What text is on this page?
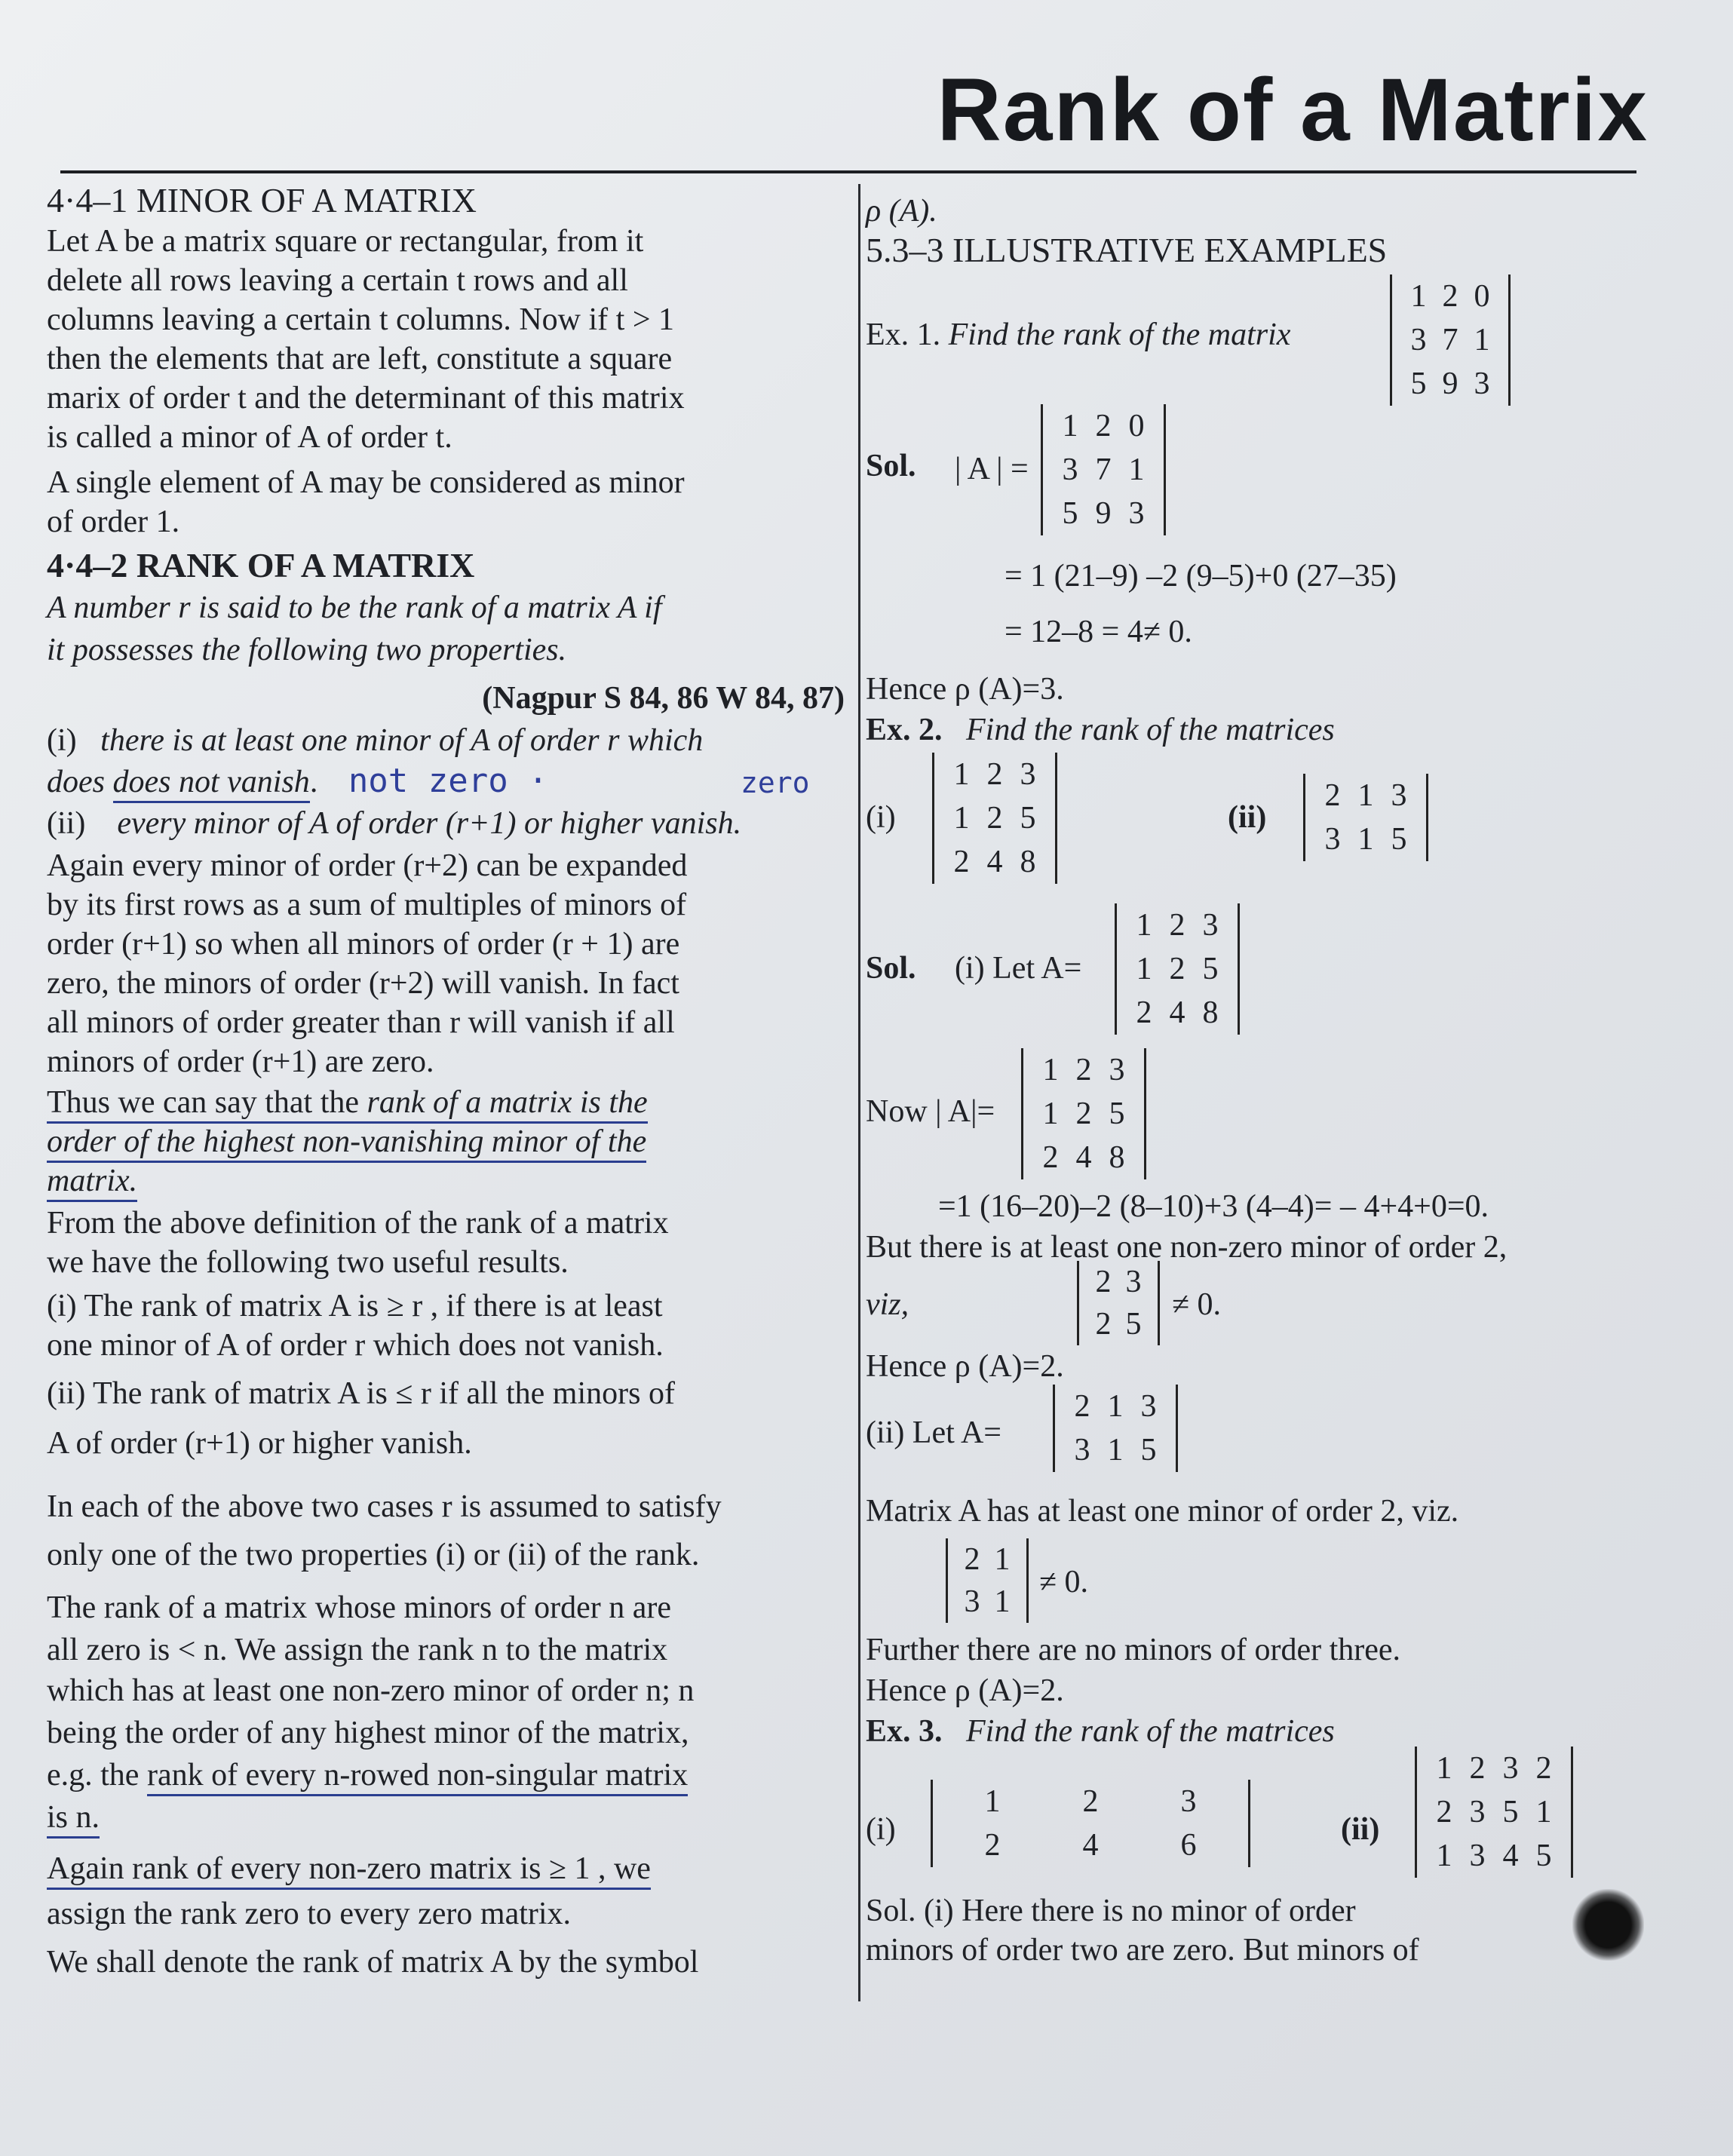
Rank of a Matrix
4·4–1 MINOR OF A MATRIX
Let A be a matrix square or rectangular, from it
delete all rows leaving a certain t rows and all
columns leaving a certain t columns. Now if t > 1
then the elements that are left, constitute a square
marix of order t and the determinant of this matrix
is called a minor of A of order t.
A single element of A may be considered as minor
of order 1.
4·4–2 RANK OF A MATRIX
A number r is said to be the rank of a matrix A if
it possesses the following two properties.
(Nagpur S 84, 86 W 84, 87)
(i) there is at least one minor of A of order r which
does does not vanish. not zero ·	zero
(ii) every minor of A of order (r+1) or higher vanish.
Again every minor of order (r+2) can be expanded
by its first rows as a sum of multiples of minors of
order (r+1) so when all minors of order (r + 1) are
zero, the minors of order (r+2) will vanish. In fact
all minors of order greater than r will vanish if all
minors of order (r+1) are zero.
Thus we can say that the rank of a matrix is the
order of the highest non-vanishing minor of the
matrix.
From the above definition of the rank of a matrix
we have the following two useful results.
(i) The rank of matrix A is ≥ r , if there is at least
one minor of A of order r which does not vanish.
(ii) The rank of matrix A is ≤ r if all the minors of
A of order (r+1) or higher vanish.
In each of the above two cases r is assumed to satisfy
only one of the two properties (i) or (ii) of the rank.
The rank of a matrix whose minors of order n are
all zero is < n. We assign the rank n to the matrix
which has at least one non-zero minor of order n; n
being the order of any highest minor of the matrix,
e.g. the rank of every n-rowed non-singular matrix
is n.
Again rank of every non-zero matrix is ≥ 1 , we
assign the rank zero to every zero matrix.
We shall denote the rank of matrix A by the symbol
ρ (A).
5.3–3 ILLUSTRATIVE EXAMPLES
Ex. 1. Find the rank of the matrix
1 2 0
3 7 1
5 9 3
Sol. | A | =
1 2 0
3 7 1
5 9 3
= 1 (21–9) –2 (9–5)+0 (27–35)
= 12–8 = 4≠ 0.
Hence ρ (A)=3.
Ex. 2. Find the rank of the matrices
(i)
1 2 3
1 2 5
2 4 8
(ii)
2 1 3
3 1 5
Sol. (i) Let A=
1 2 3
1 2 5
2 4 8
Now | A|=
1 2 3
1 2 5
2 4 8
=1 (16–20)–2 (8–10)+3 (4–4)= – 4+4+0=0.
But there is at least one non-zero minor of order 2,
viz,
2 3
2 5
≠ 0.
Hence ρ (A)=2.
(ii) Let A=
2 1 3
3 1 5
Matrix A has at least one minor of order 2, viz.
2 1
3 1
≠ 0.
Further there are no minors of order three.
Hence ρ (A)=2.
Ex. 3. Find the rank of the matrices
(i)
1	2	3
2	4	6	(ii)
1 2 3 2
2 3 5 1
1 3 4 5
Sol. (i) Here there is no minor of order
minors of order two are zero. But minors of
